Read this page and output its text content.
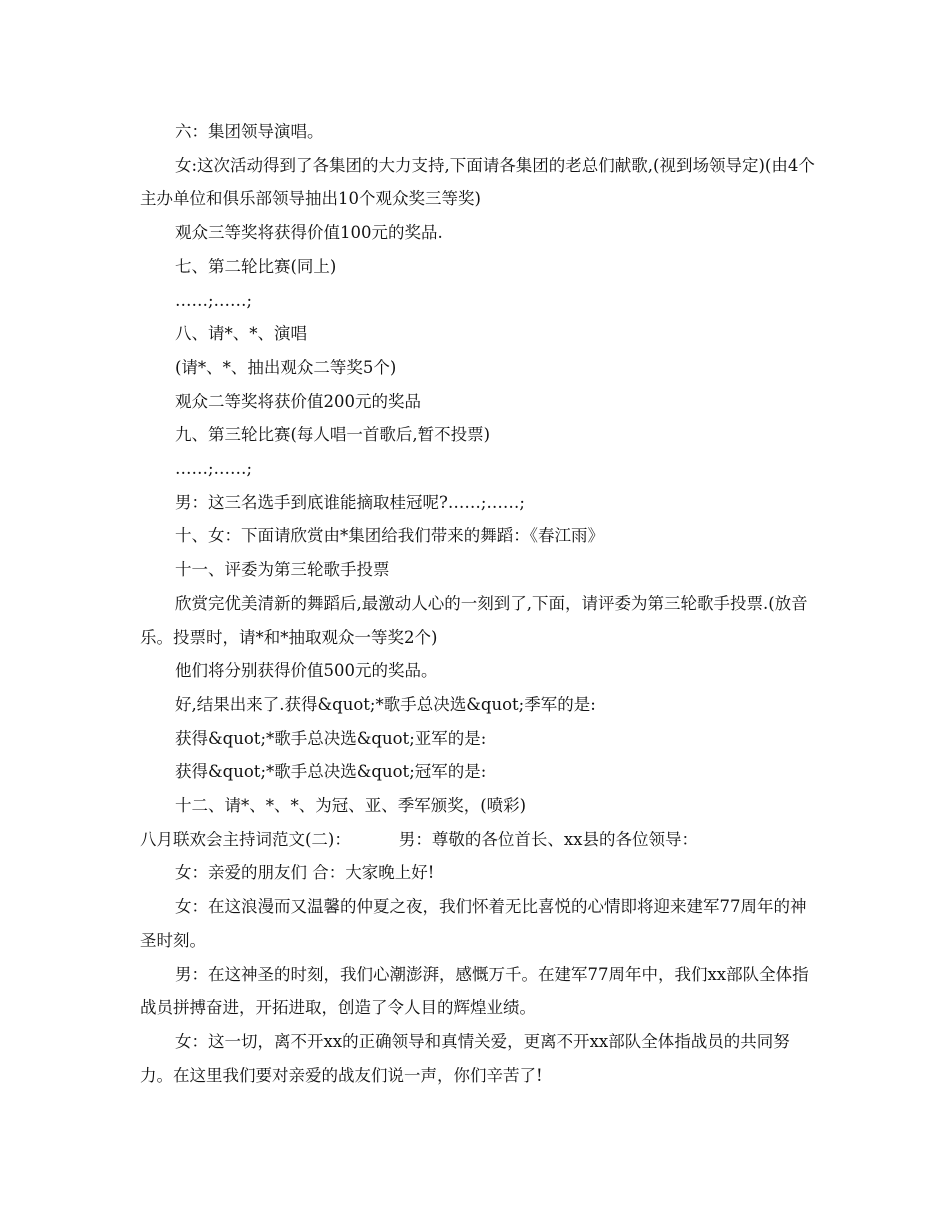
六：集团领导演唱。

女:这次活动得到了各集团的大力支持,下面请各集团的老总们献歌,(视到场领导定)(由4个主办单位和俱乐部领导抽出10个观众奖三等奖)

观众三等奖将获得价值100元的奖品.

七、第二轮比赛(同上)

……;……;

八、请*、*、演唱

(请*、*、抽出观众二等奖5个)

观众二等奖将获价值200元的奖品

九、第三轮比赛(每人唱一首歌后,暂不投票)

……;……;

男：这三名选手到底谁能摘取桂冠呢?……;……;

十、女：下面请欣赏由*集团给我们带来的舞蹈：《春江雨》

十一、评委为第三轮歌手投票

欣赏完优美清新的舞蹈后,最激动人心的一刻到了,下面，请评委为第三轮歌手投票.(放音乐。投票时，请*和*抽取观众一等奖2个)

他们将分别获得价值500元的奖品。

好,结果出来了.获得&quot;*歌手总决选&quot;季军的是:

获得&quot;*歌手总决选&quot;亚军的是:

获得&quot;*歌手总决选&quot;冠军的是:

十二、请*、*、*、为冠、亚、季军颁奖，(喷彩)

八月联欢会主持词范文(二)：	男：尊敬的各位首长、xx县的各位领导：

女：亲爱的朋友们 合：大家晚上好!

女：在这浪漫而又温馨的仲夏之夜，我们怀着无比喜悦的心情即将迎来建军77周年的神圣时刻。

男：在这神圣的时刻，我们心潮澎湃，感慨万千。在建军77周年中，我们xx部队全体指战员拼搏奋进，开拓进取，创造了令人目的辉煌业绩。

女：这一切，离不开xx的正确领导和真情关爱，更离不开xx部队全体指战员的共同努力。在这里我们要对亲爱的战友们说一声，你们辛苦了!
